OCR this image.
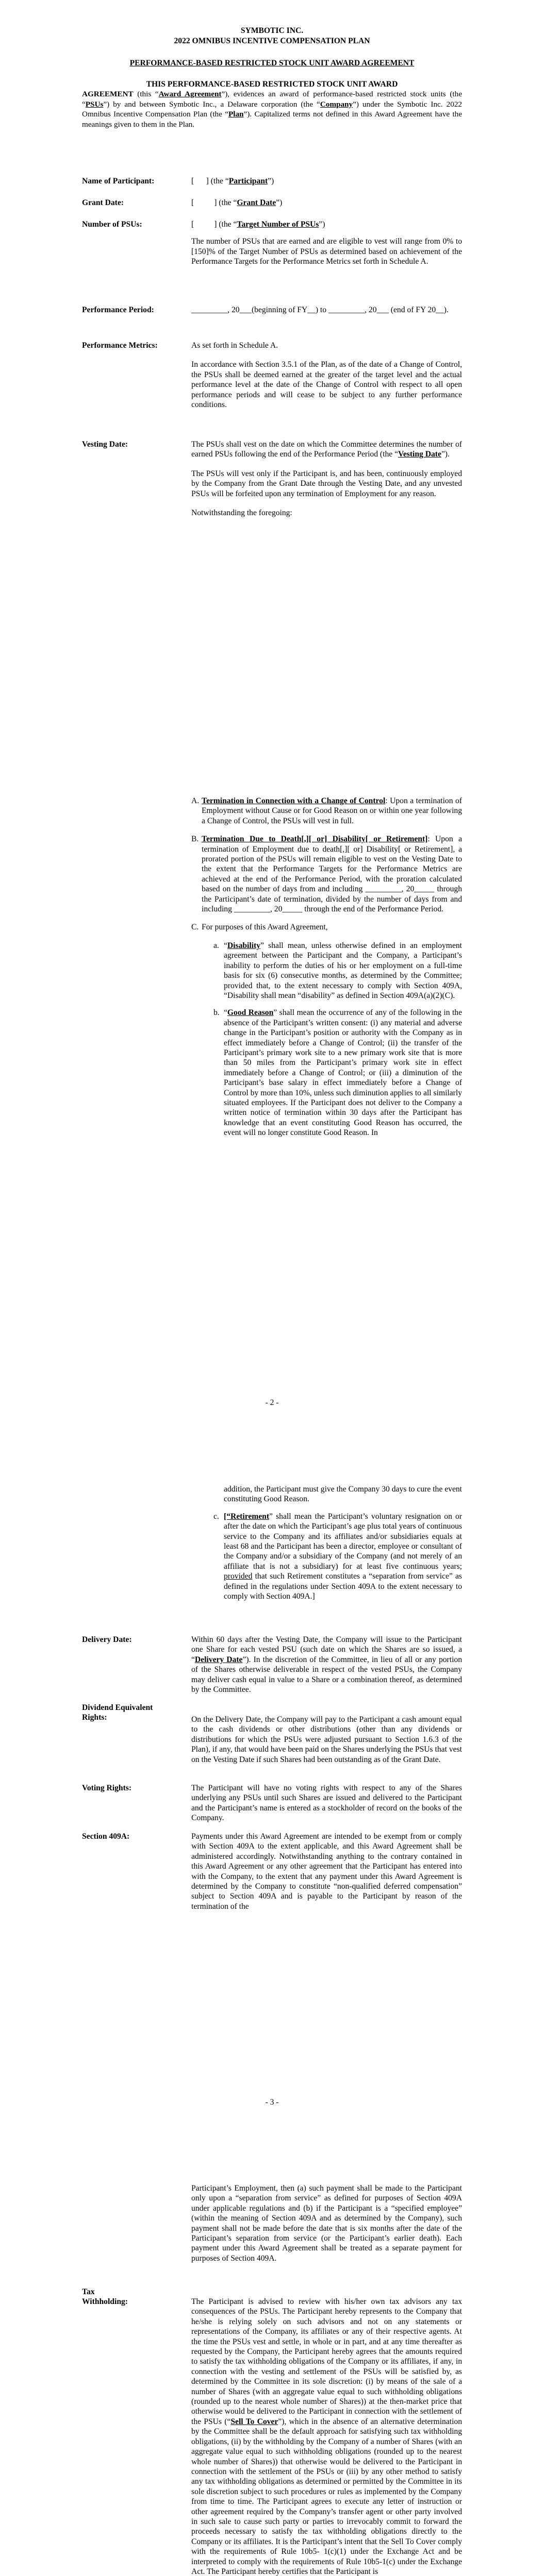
SYMBOTIC INC.
2022 OMNIBUS INCENTIVE COMPENSATION PLAN
PERFORMANCE-BASED RESTRICTED STOCK UNIT AWARD AGREEMENT

THIS PERFORMANCE-BASED RESTRICTED STOCK UNIT AWARD

AGREEMENT (this “Award Agreement”), evidences an award of performance-based restricted stock units (the “PSUs”) by and between Symbotic Inc., a Delaware corporation (the “Company”) under the Symbotic Inc. 2022 Omnibus Incentive Compensation Plan (the “Plan”). Capitalized terms not defined in this Award Agreement have the meanings given to them in the Plan.

Name of Participant:	[ ] (the “Participant”)
Grant Date:	[ ] (the “Grant Date”)
Number of PSUs:	[ ] (the “Target Number of PSUs”)

The number of PSUs that are earned and are eligible to vest will range from 0% to [150]% of the Target Number of PSUs as determined based on achievement of the Performance Targets for the Performance Metrics set forth in Schedule A.

Performance Period:	_________, 20___(beginning of FY__) to _________, 20___ (end of FY 20__).
Performance Metrics:	As set forth in Schedule A.

In accordance with Section 3.5.1 of the Plan, as of the date of a Change of Control, the PSUs shall be deemed earned at the greater of the target level and the actual performance level at the date of the Change of Control with respect to all open performance periods and will cease to be subject to any further performance conditions.

Vesting Date:	The PSUs shall vest on the date on which the Committee determines the number of earned PSUs following the end of the Performance Period (the “Vesting Date”).

The PSUs will vest only if the Participant is, and has been, continuously employed by the Company from the Grant Date through the Vesting Date, and any unvested PSUs will be forfeited upon any termination of Employment for any reason.

Notwithstanding the foregoing:

A. Termination in Connection with a Change of Control: Upon a termination of Employment without Cause or for Good Reason on or within one year following a Change of Control, the PSUs will vest in full.
B. Termination Due to Death[,][ or] Disability[ or Retirement]: Upon a termination of Employment due to death[,][ or] Disability[ or Retirement], a prorated portion of the PSUs will remain eligible to vest on the Vesting Date to the extent that the Performance Targets for the Performance Metrics are achieved at the end of the Performance Period, with the proration calculated based on the number of days from and including _________, 20_____ through the Participant’s date of termination, divided by the number of days from and including _________, 20_____ through the end of the Performance Period.
C. For purposes of this Award Agreement,
a. “Disability” shall mean, unless otherwise defined in an employment agreement between the Participant and the Company, a Participant’s inability to perform the duties of his or her employment on a full-time basis for six (6) consecutive months, as determined by the Committee; provided that, to the extent necessary to comply with Section 409A, “Disability shall mean “disability” as defined in Section 409A(a)(2)(C).
b. “Good Reason” shall mean the occurrence of any of the following in the absence of the Participant’s written consent: (i) any material and adverse change in the Participant’s position or authority with the Company as in effect immediately before a Change of Control; (ii) the transfer of the Participant’s primary work site to a new primary work site that is more than 50 miles from the Participant’s primary work site in effect immediately before a Change of Control; or (iii) a diminution of the Participant’s base salary in effect immediately before a Change of Control by more than 10%, unless such diminution applies to all similarly situated employees. If the Participant does not deliver to the Company a written notice of termination within 30 days after the Participant has knowledge that an event constituting Good Reason has occurred, the event will no longer constitute Good Reason. In
- 2 -
addition, the Participant must give the Company 30 days to cure the event constituting Good Reason.
c. [“Retirement” shall mean the Participant’s voluntary resignation on or after the date on which the Participant’s age plus total years of continuous service to the Company and its affiliates and/or subsidiaries equals at least 68 and the Participant has been a director, employee or consultant of the Company and/or a subsidiary of the Company (and not merely of an affiliate that is not a subsidiary) for at least five continuous years; provided that such Retirement constitutes a “separation from service” as defined in the regulations under Section 409A to the extent necessary to comply with Section 409A.]
Delivery Date:	Within 60 days after the Vesting Date, the Company will issue to the Participant one Share for each vested PSU (such date on which the Shares are so issued, a “Delivery Date”). In the discretion of the Committee, in lieu of all or any portion of the Shares otherwise deliverable in respect of the vested PSUs, the Company may deliver cash equal in value to a Share or a combination thereof, as determined by the Committee.
Dividend Equivalent
Rights:	On the Delivery Date, the Company will pay to the Participant a cash amount equal to the cash dividends or other distributions (other than any dividends or distributions for which the PSUs were adjusted pursuant to Section 1.6.3 of the Plan), if any, that would have been paid on the Shares underlying the PSUs that vest on the Vesting Date if such Shares had been outstanding as of the Grant Date.
Voting Rights:	The Participant will have no voting rights with respect to any of the Shares underlying any PSUs until such Shares are issued and delivered to the Participant and the Participant’s name is entered as a stockholder of record on the books of the Company.
Section 409A:	Payments under this Award Agreement are intended to be exempt from or comply with Section 409A to the extent applicable, and this Award Agreement shall be administered accordingly. Notwithstanding anything to the contrary contained in this Award Agreement or any other agreement that the Participant has entered into with the Company, to the extent that any payment under this Award Agreement is determined by the Company to constitute “non-qualified deferred compensation” subject to Section 409A and is payable to the Participant by reason of the termination of the
- 3 -
Participant’s Employment, then (a) such payment shall be made to the Participant only upon a “separation from service” as defined for purposes of Section 409A under applicable regulations and (b) if the Participant is a “specified employee” (within the meaning of Section 409A and as determined by the Company), such payment shall not be made before the date that is six months after the date of the Participant’s separation from service (or the Participant’s earlier death). Each payment under this Award Agreement shall be treated as a separate payment for purposes of Section 409A.
Tax
Withholding:	The Participant is advised to review with his/her own tax advisors any tax consequences of the PSUs. The Participant hereby represents to the Company that he/she is relying solely on such advisors and not on any statements or representations of the Company, its affiliates or any of their respective agents. At the time the PSUs vest and settle, in whole or in part, and at any time thereafter as requested by the Company, the Participant hereby agrees that the amounts required to satisfy the tax withholding obligations of the Company or its affiliates, if any, in connection with the vesting and settlement of the PSUs will be satisfied by, as determined by the Committee in its sole discretion: (i) by means of the sale of a number of Shares (with an aggregate value equal to such withholding obligations (rounded up to the nearest whole number of Shares)) at the then-market price that otherwise would be delivered to the Participant in connection with the settlement of the PSUs (“Sell To Cover”), which in the absence of an alternative determination by the Committee shall be the default approach for satisfying such tax withholding obligations, (ii) by the withholding by the Company of a number of Shares (with an aggregate value equal to such withholding obligations (rounded up to the nearest whole number of Shares)) that otherwise would be delivered to the Participant in connection with the settlement of the PSUs or (iii) by any other method to satisfy any tax withholding obligations as determined or permitted by the Committee in its sole discretion subject to such procedures or rules as implemented by the Company from time to time. The Participant agrees to execute any letter of instruction or other agreement required by the Company’s transfer agent or other party involved in such sale to cause such party or parties to irrevocably commit to forward the proceeds necessary to satisfy the tax withholding obligations directly to the Company or its affiliates. It is the Participant’s intent that the Sell To Cover comply with the requirements of Rule 10b5- 1(c)(1) under the Exchange Act and be interpreted to comply with the requirements of Rule 10b5-1(c) under the Exchange Act. The Participant hereby certifies that the Participant is
